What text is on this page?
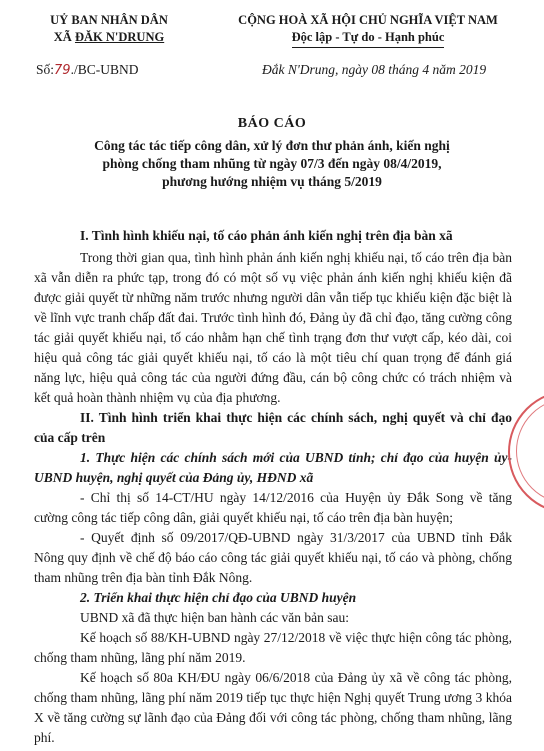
UỶ BAN NHÂN DÂN
XÃ ĐĂK N'DRUNG
CỘNG HOÀ XÃ HỘI CHỦ NGHĨA VIỆT NAM
Độc lập - Tự do - Hạnh phúc
Số:79./BC-UBND	Đắk N'Drung, ngày 08 tháng 4 năm 2019
BÁO CÁO
Công tác tác tiếp công dân, xử lý đơn thư phản ánh, kiến nghị
phòng chống tham nhũng từ ngày 07/3 đến ngày 08/4/2019,
phương hướng nhiệm vụ tháng 5/2019

I. Tình hình khiếu nại, tố cáo phản ánh kiến nghị trên địa bàn xã

Trong thời gian qua, tình hình phản ánh kiến nghị khiếu nại, tố cáo trên địa bàn xã vẫn diễn ra phức tạp, trong đó có một số vụ việc phản ánh kiến nghị khiếu kiện đã được giải quyết từ những năm trước nhưng người dân vẫn tiếp tục khiếu kiện đặc biệt là về lĩnh vực tranh chấp đất đai. Trước tình hình đó, Đảng ủy đã chỉ đạo, tăng cường công tác giải quyết khiếu nại, tố cáo nhằm hạn chế tình trạng đơn thư vượt cấp, kéo dài, coi hiệu quả công tác giải quyết khiếu nại, tố cáo là một tiêu chí quan trọng để đánh giá năng lực, hiệu quả công tác của người đứng đầu, cán bộ công chức có trách nhiệm và kết quả hoàn thành nhiệm vụ của địa phương.

II. Tình hình triển khai thực hiện các chính sách, nghị quyết và chỉ đạo của cấp trên

1. Thực hiện các chính sách mới của UBND tỉnh; chỉ đạo của huyện ủy-UBND huyện, nghị quyết của Đảng ủy, HĐND xã

- Chỉ thị số 14-CT/HU ngày 14/12/2016 của Huyện ủy Đắk Song về tăng cường công tác tiếp công dân, giải quyết khiếu nại, tố cáo trên địa bàn huyện;

- Quyết định số 09/2017/QĐ-UBND ngày 31/3/2017 của UBND tỉnh Đắk Nông quy định về chế độ báo cáo công tác giải quyết khiếu nại, tố cáo và phòng, chống tham nhũng trên địa bàn tỉnh Đắk Nông.

2. Triển khai thực hiện chỉ đạo của UBND huyện

UBND xã đã thực hiện ban hành các văn bản sau:

Kế hoạch số 88/KH-UBND ngày 27/12/2018 về việc thực hiện công tác phòng, chống tham nhũng, lãng phí năm 2019.

Kế hoạch số 80a KH/ĐU ngày 06/6/2018 của Đảng ủy xã về công tác phòng, chống tham nhũng, lãng phí năm 2019 tiếp tục thực hiện Nghị quyết Trung ương 3 khóa X về tăng cường sự lãnh đạo của Đảng đối với công tác phòng, chống tham nhũng, lãng phí.
